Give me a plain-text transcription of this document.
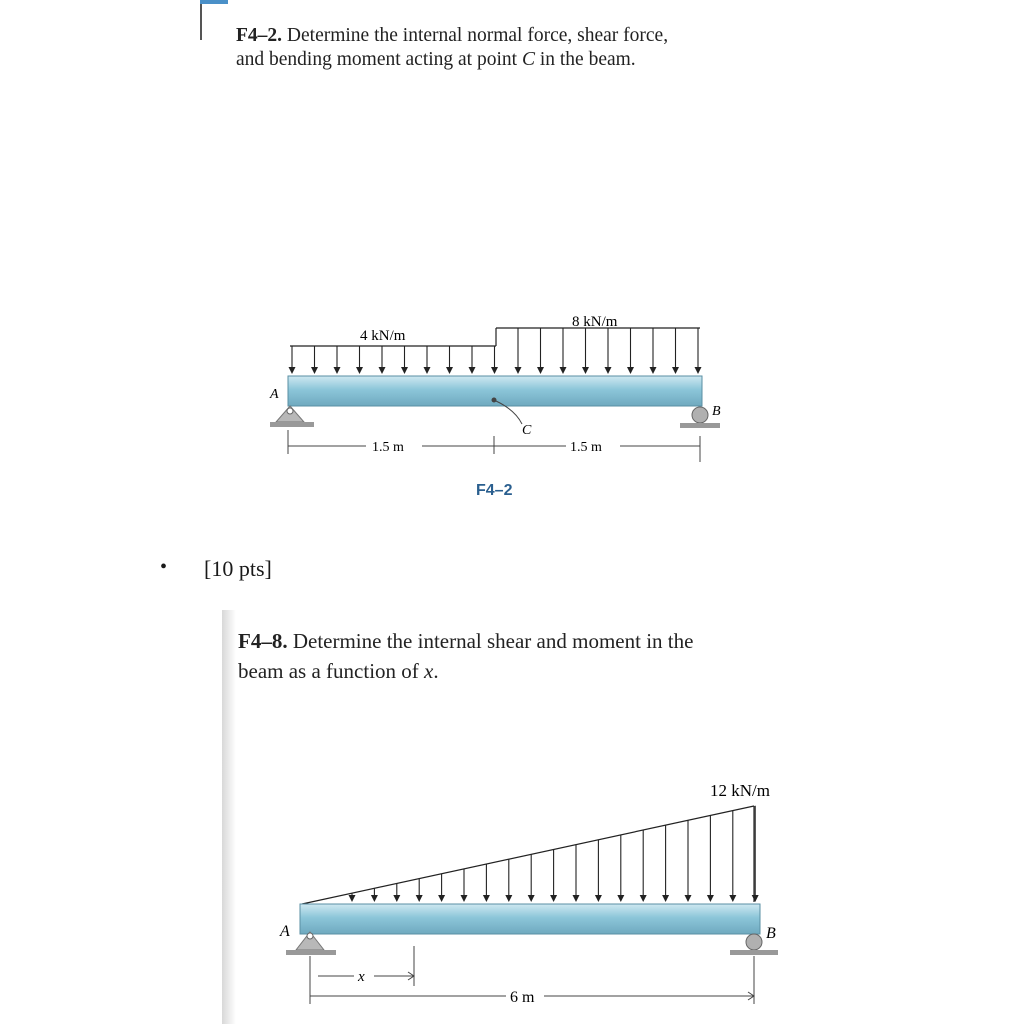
F4–2. Determine the internal normal force, shear force,
and bending moment acting at point C in the beam.
4 kN/m
8 kN/m
A
B
C
1.5 m	1.5 m
F4–2
• [10 pts]
F4–8. Determine the internal shear and moment in the
beam as a function of x.
12 kN/m
A	B
x
6 m
